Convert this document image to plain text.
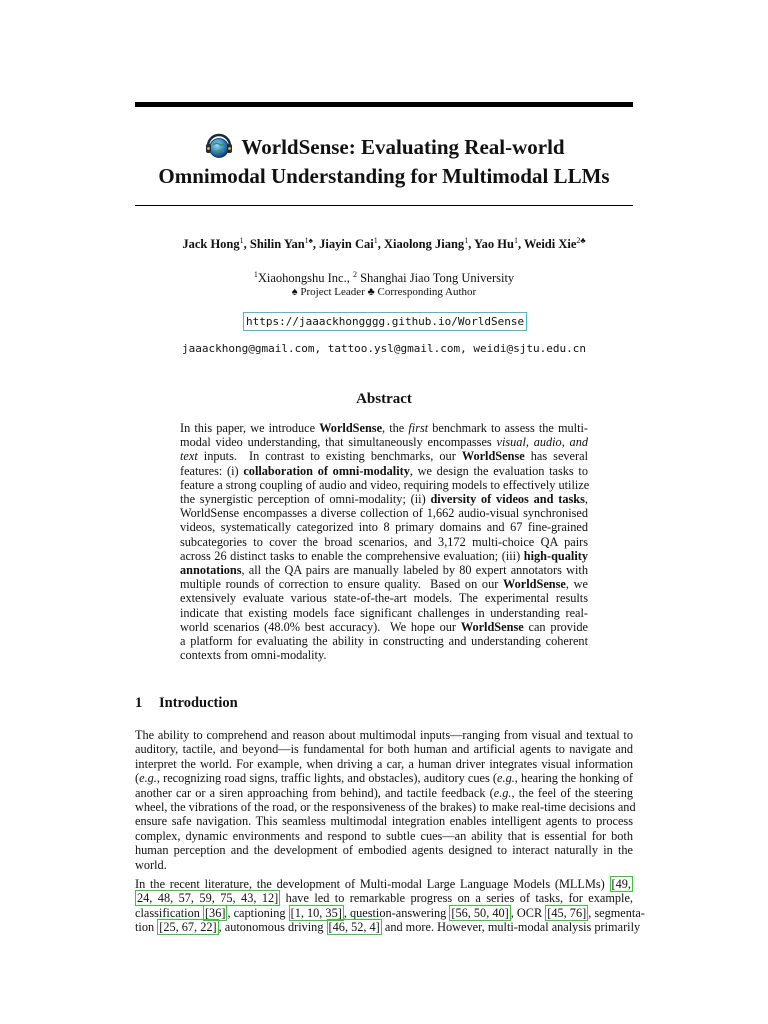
WorldSense: Evaluating Real-world
Omnimodal Understanding for Multimodal LLMs
Jack Hong$^1$, Shilin Yan$^{1♠}$, Jiayin Cai$^1$, Xiaolong Jiang$^1$, Yao Hu$^1$, Weidi Xie$^{2♣}$
$^1$Xiaohongshu Inc., $^2$ Shanghai Jiao Tong University
♠ Project Leader ♣ Corresponding Author
https://jaaackhongggg.github.io/WorldSense
jaaackhong@gmail.com, tattoo.ysl@gmail.com, weidi@sjtu.edu.cn
Abstract
In this paper, we introduce WorldSense, the first benchmark to assess the multi-
modal video understanding, that simultaneously encompasses visual, audio, and
text inputs.  In contrast to existing benchmarks, our WorldSense has several
features: (i) collaboration of omni-modality, we design the evaluation tasks to
feature a strong coupling of audio and video, requiring models to effectively utilize
the synergistic perception of omni-modality; (ii) diversity of videos and tasks,
WorldSense encompasses a diverse collection of 1,662 audio-visual synchronised
videos, systematically categorized into 8 primary domains and 67 fine-grained
subcategories to cover the broad scenarios, and 3,172 multi-choice QA pairs
across 26 distinct tasks to enable the comprehensive evaluation; (iii) high-quality
annotations, all the QA pairs are manually labeled by 80 expert annotators with
multiple rounds of correction to ensure quality.  Based on our WorldSense, we
extensively evaluate various state-of-the-art models. The experimental results
indicate that existing models face significant challenges in understanding real-
world scenarios (48.0% best accuracy).  We hope our WorldSense can provide
a platform for evaluating the ability in constructing and understanding coherent
contexts from omni-modality.
1 Introduction
The ability to comprehend and reason about multimodal inputs—ranging from visual and textual to
auditory, tactile, and beyond—is fundamental for both human and artificial agents to navigate and
interpret the world. For example, when driving a car, a human driver integrates visual information
(e.g., recognizing road signs, traffic lights, and obstacles), auditory cues (e.g., hearing the honking of
another car or a siren approaching from behind), and tactile feedback (e.g., the feel of the steering
wheel, the vibrations of the road, or the responsiveness of the brakes) to make real-time decisions and
ensure safe navigation. This seamless multimodal integration enables intelligent agents to process
complex, dynamic environments and respond to subtle cues—an ability that is essential for both
human perception and the development of embodied agents designed to interact naturally in the
world.
In the recent literature, the development of Multi-modal Large Language Models (MLLMs) [49,
24, 48, 57, 59, 75, 43, 12] have led to remarkable progress on a series of tasks, for example,
classification [36] , captioning [1, 10, 35] , question-answering [56, 50, 40] , OCR [45, 76] , segmenta-
tion [25, 67, 22] , autonomous driving [46, 52, 4] and more. However, multi-modal analysis primarily
